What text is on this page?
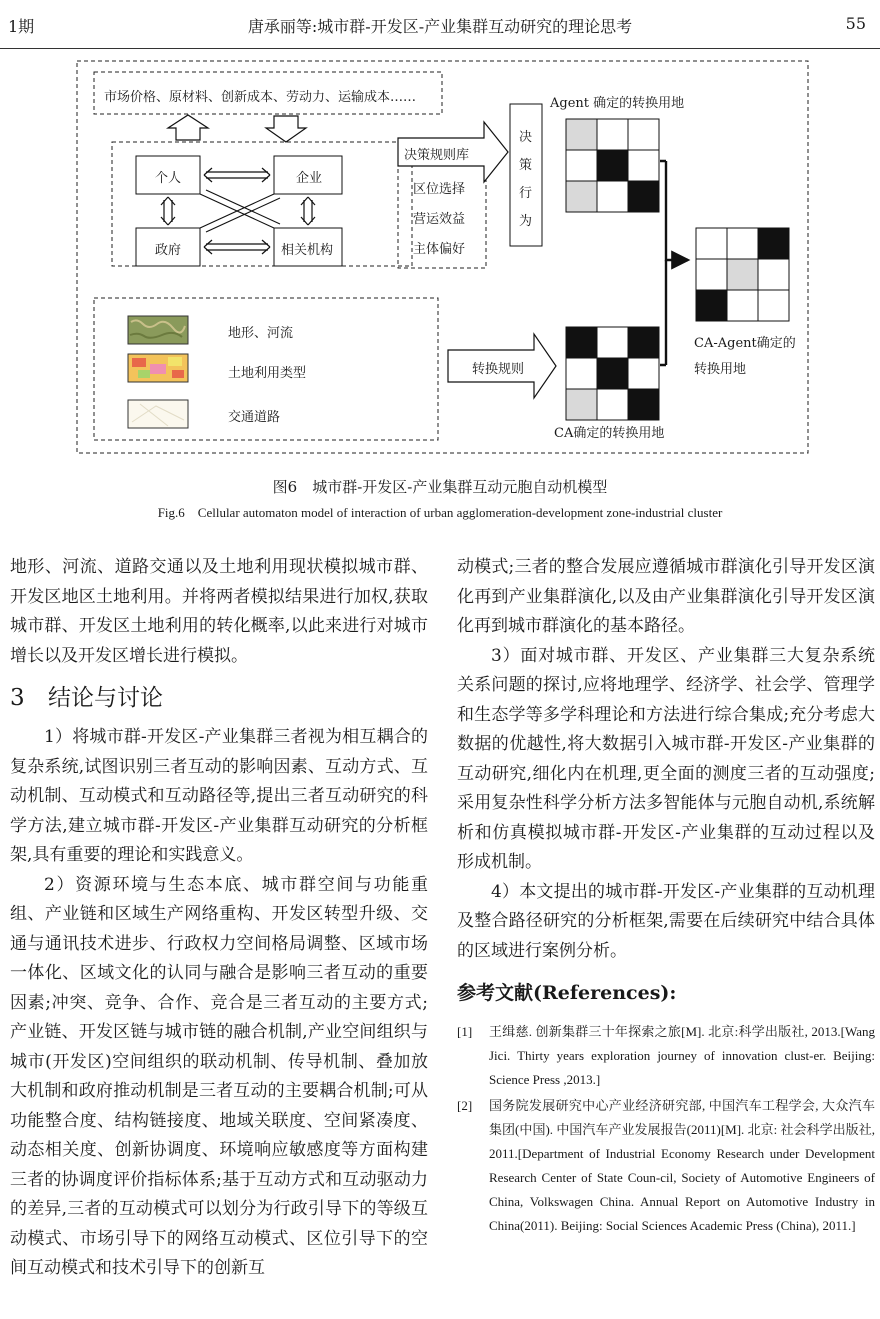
1期	唐承丽等:城市群-开发区-产业集群互动研究的理论思考	55
市场价格、原材料、创新成本、劳动力、运输成本……
个人	企业
政府	相关机构
决策规则库
区位选择
营运效益
主体偏好
决
策
行
为
Agent 确定的转换用地
地形、河流
土地利用类型
交通道路
转换规则
CA确定的转换用地
CA-Agent确定的
转换用地
图6　城市群-开发区-产业集群互动元胞自动机模型
Fig.6　Cellular automaton model of interaction of urban agglomeration-development zone-industrial cluster

地形、河流、道路交通以及土地利用现状模拟城市群、开发区地区土地利用。并将两者模拟结果进行加权,获取城市群、开发区土地利用的转化概率,以此来进行对城市增长以及开发区增长进行模拟。

3 结论与讨论

1）将城市群-开发区-产业集群三者视为相互耦合的复杂系统,试图识别三者互动的影响因素、互动方式、互动机制、互动模式和互动路径等,提出三者互动研究的科学方法,建立城市群-开发区-产业集群互动研究的分析框架,具有重要的理论和实践意义。

2）资源环境与生态本底、城市群空间与功能重组、产业链和区域生产网络重构、开发区转型升级、交通与通讯技术进步、行政权力空间格局调整、区域市场一体化、区域文化的认同与融合是影响三者互动的重要因素;冲突、竞争、合作、竞合是三者互动的主要方式;产业链、开发区链与城市链的融合机制,产业空间组织与城市(开发区)空间组织的联动机制、传导机制、叠加放大机制和政府推动机制是三者互动的主要耦合机制;可从功能整合度、结构链接度、地域关联度、空间紧凑度、动态相关度、创新协调度、环境响应敏感度等方面构建三者的协调度评价指标体系;基于互动方式和互动驱动力的差异,三者的互动模式可以划分为行政引导下的等级互动模式、市场引导下的网络互动模式、区位引导下的空间互动模式和技术引导下的创新互

动模式;三者的整合发展应遵循城市群演化引导开发区演化再到产业集群演化,以及由产业集群演化引导开发区演化再到城市群演化的基本路径。

3）面对城市群、开发区、产业集群三大复杂系统关系问题的探讨,应将地理学、经济学、社会学、管理学和生态学等多学科理论和方法进行综合集成;充分考虑大数据的优越性,将大数据引入城市群-开发区-产业集群的互动研究,细化内在机理,更全面的测度三者的互动强度;采用复杂性科学分析方法多智能体与元胞自动机,系统解析和仿真模拟城市群-开发区-产业集群的互动过程以及形成机制。

4）本文提出的城市群-开发区-产业集群的互动机理及整合路径研究的分析框架,需要在后续研究中结合具体的区域进行案例分析。

参考文献(References):
[1]	王缉慈. 创新集群三十年探索之旅[M]. 北京:科学出版社, 2013.[Wang Jici. Thirty years exploration journey of innovation clust-er. Beijing: Science Press ,2013.]
[2]	国务院发展研究中心产业经济研究部, 中国汽车工程学会, 大众汽车集团(中国). 中国汽车产业发展报告(2011)[M]. 北京: 社会科学出版社, 2011.[Department of Industrial Economy Research under Development Research Center of State Coun-cil, Society of Automotive Engineers of China, Volkswagen China. Annual Report on Automotive Industry in China(2011). Beijing: Social Sciences Academic Press (China), 2011.]
